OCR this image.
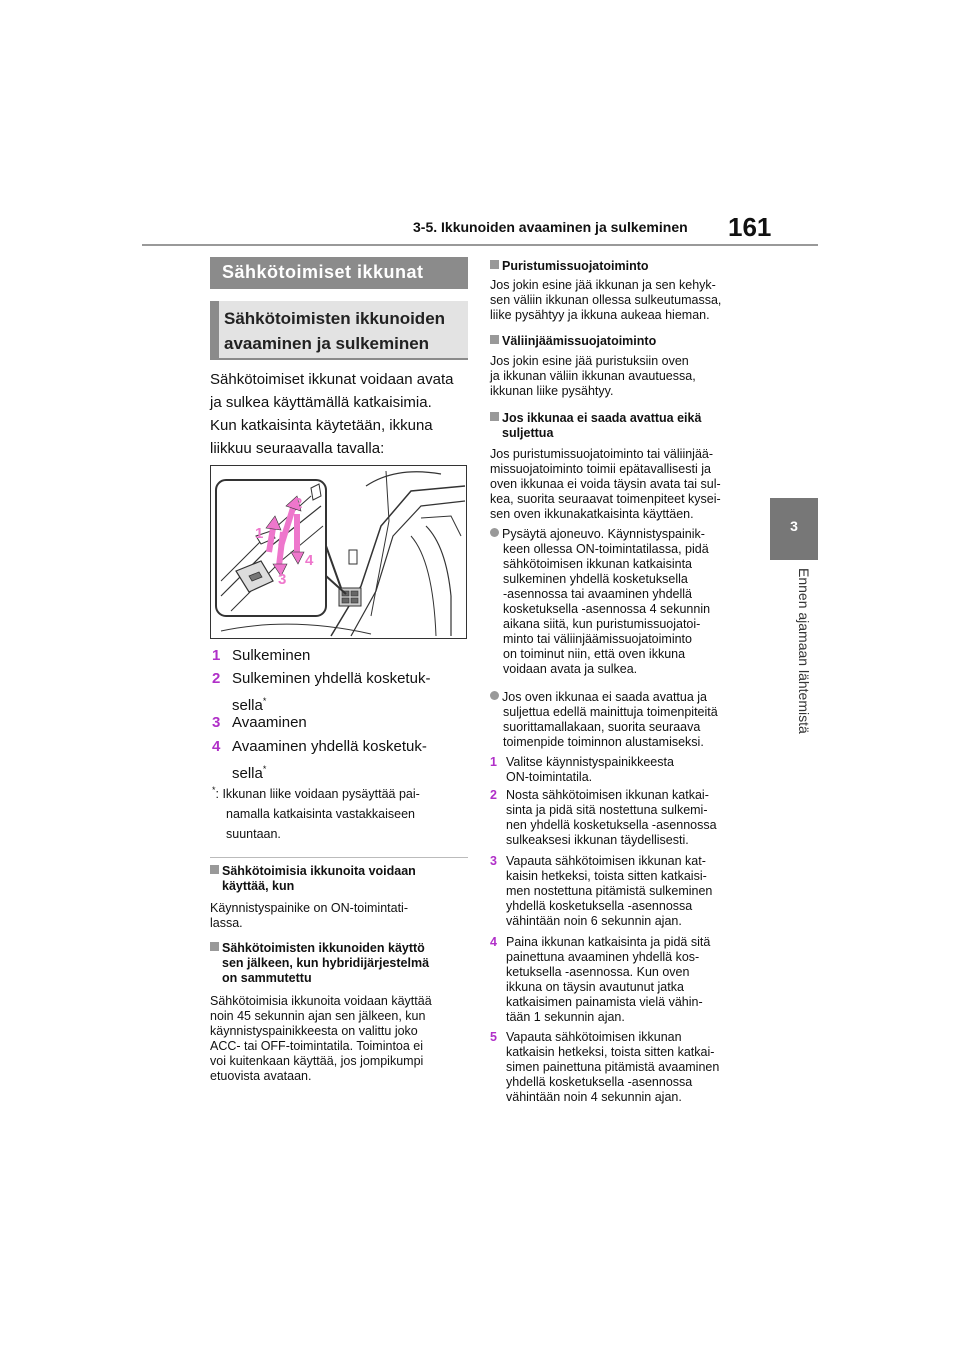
3-5. Ikkunoiden avaaminen ja sulkeminen 161
3
Ennen ajamaan lähtemistä
Sähkötoimiset ikkunat
Sähkötoimisten ikkunoiden
avaaminen ja sulkeminen
Sähkötoimiset ikkunat voidaan avata
ja sulkea käyttämällä katkaisimia.
Kun katkaisinta käytetään, ikkuna
liikkuu seuraavalla tavalla:
1
2
3
4
1 Sulkeminen
2 Sulkeminen yhdellä kosketuk-
sella*
3 Avaaminen
4 Avaaminen yhdellä kosketuk-
sella*
*: Ikkunan liike voidaan pysäyttää pai-
namalla katkaisinta vastakkaiseen
suuntaan.
Sähkötoimisia ikkunoita voidaan
käyttää, kun
Käynnistyspainike on ON-toimintati-
lassa.
Sähkötoimisten ikkunoiden käyttö
sen jälkeen, kun hybridijärjestelmä
on sammutettu
Sähkötoimisia ikkunoita voidaan käyttää
noin 45 sekunnin ajan sen jälkeen, kun
käynnistyspainikkeesta on valittu joko
ACC- tai OFF-toimintatila. Toimintoa ei
voi kuitenkaan käyttää, jos jompikumpi
etuovista avataan.
Puristumissuojatoiminto
Jos jokin esine jää ikkunan ja sen kehyk-
sen väliin ikkunan ollessa sulkeutumassa,
liike pysähtyy ja ikkuna aukeaa hieman.
Väliinjäämissuojatoiminto
Jos jokin esine jää puristuksiin oven
ja ikkunan väliin ikkunan avautuessa,
ikkunan liike pysähtyy.
Jos ikkunaa ei saada avattua eikä
suljettua
Jos puristumissuojatoiminto tai väliinjää-
missuojatoiminto toimii epätavallisesti ja
oven ikkunaa ei voida täysin avata tai sul-
kea, suorita seuraavat toimenpiteet kysei-
sen oven ikkunakatkaisinta käyttäen.
Pysäytä ajoneuvo. Käynnistyspainik-
keen ollessa ON-toimintatilassa, pidä
sähkötoimisen ikkunan katkaisinta
sulkeminen yhdellä kosketuksella
-asennossa tai avaaminen yhdellä
kosketuksella -asennossa 4 sekunnin
aikana siitä, kun puristumissuojatoi-
minto tai väliinjäämissuojatoiminto
on toiminut niin, että oven ikkuna
voidaan avata ja sulkea.
Jos oven ikkunaa ei saada avattua ja
suljettua edellä mainittuja toimenpiteitä
suorittamallakaan, suorita seuraava
toimenpide toiminnon alustamiseksi.
1 Valitse käynnistyspainikkeesta
ON-toimintatila.
2 Nosta sähkötoimisen ikkunan katkai-
sinta ja pidä sitä nostettuna sulkemi-
nen yhdellä kosketuksella -asennossa
sulkeaksesi ikkunan täydellisesti.
3 Vapauta sähkötoimisen ikkunan kat-
kaisin hetkeksi, toista sitten katkaisi-
men nostettuna pitämistä sulkeminen
yhdellä kosketuksella -asennossa
vähintään noin 6 sekunnin ajan.
4 Paina ikkunan katkaisinta ja pidä sitä
painettuna avaaminen yhdellä kos-
ketuksella -asennossa. Kun oven
ikkuna on täysin avautunut jatka
katkaisimen painamista vielä vähin-
tään 1 sekunnin ajan.
5 Vapauta sähkötoimisen ikkunan
katkaisin hetkeksi, toista sitten katkai-
simen painettuna pitämistä avaaminen
yhdellä kosketuksella -asennossa
vähintään noin 4 sekunnin ajan.
